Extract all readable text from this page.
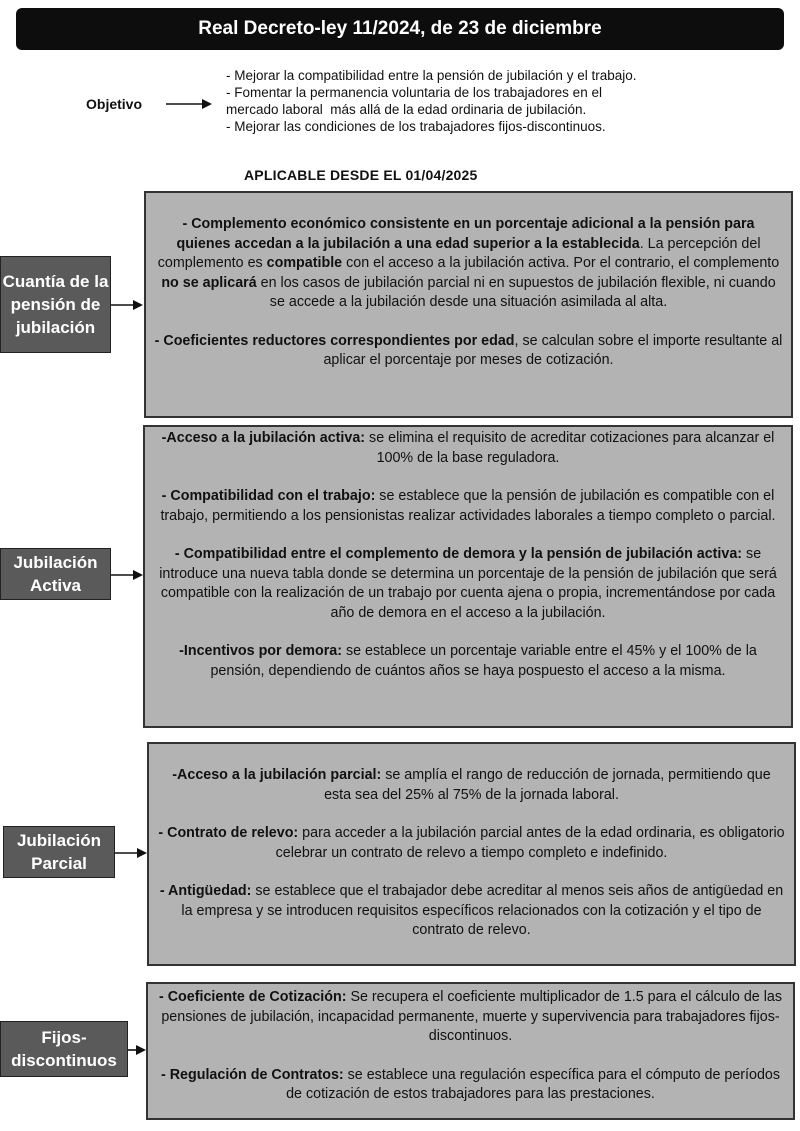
Real Decreto-ley 11/2024, de 23 de diciembre
Objetivo
- Mejorar la compatibilidad entre la pensión de jubilación y el trabajo.
- Fomentar la permanencia voluntaria de los trabajadores en el
mercado laboral  más allá de la edad ordinaria de jubilación.
- Mejorar las condiciones de los trabajadores fijos-discontinuos.
APLICABLE DESDE EL 01/04/2025
Cuantía de la pensión de jubilación

- Complemento económico consistente en un porcentaje adicional a la pensión para quienes accedan a la jubilación a una edad superior a la establecida. La percepción del complemento es compatible con el acceso a la jubilación activa. Por el contrario, el complemento no se aplicará en los casos de jubilación parcial ni en supuestos de jubilación flexible, ni cuando se accede a la jubilación desde una situación asimilada al alta.

- Coeficientes reductores correspondientes por edad, se calculan sobre el importe resultante al aplicar el porcentaje por meses de cotización.

Jubilación Activa

-Acceso a la jubilación activa: se elimina el requisito de acreditar cotizaciones para alcanzar el 100% de la base reguladora.

- Compatibilidad con el trabajo: se establece que la pensión de jubilación es compatible con el trabajo, permitiendo a los pensionistas realizar actividades laborales a tiempo completo o parcial.

- Compatibilidad entre el complemento de demora y la pensión de jubilación activa: se introduce una nueva tabla donde se determina un porcentaje de la pensión de jubilación que será compatible con la realización de un trabajo por cuenta ajena o propia, incrementándose por cada año de demora en el acceso a la jubilación.

-Incentivos por demora: se establece un porcentaje variable entre el 45% y el 100% de la pensión, dependiendo de cuántos años se haya pospuesto el acceso a la misma.

Jubilación Parcial

-Acceso a la jubilación parcial: se amplía el rango de reducción de jornada, permitiendo que esta sea del 25% al 75% de la jornada laboral.

- Contrato de relevo: para acceder a la jubilación parcial antes de la edad ordinaria, es obligatorio celebrar un contrato de relevo a tiempo completo e indefinido.

- Antigüedad: se establece que el trabajador debe acreditar al menos seis años de antigüedad en la empresa y se introducen requisitos específicos relacionados con la cotización y el tipo de contrato de relevo.

Fijos-discontinuos

- Coeficiente de Cotización: Se recupera el coeficiente multiplicador de 1.5 para el cálculo de las pensiones de jubilación, incapacidad permanente, muerte y supervivencia para trabajadores fijos-discontinuos.

- Regulación de Contratos: se establece una regulación específica para el cómputo de períodos de cotización de estos trabajadores para las prestaciones.
